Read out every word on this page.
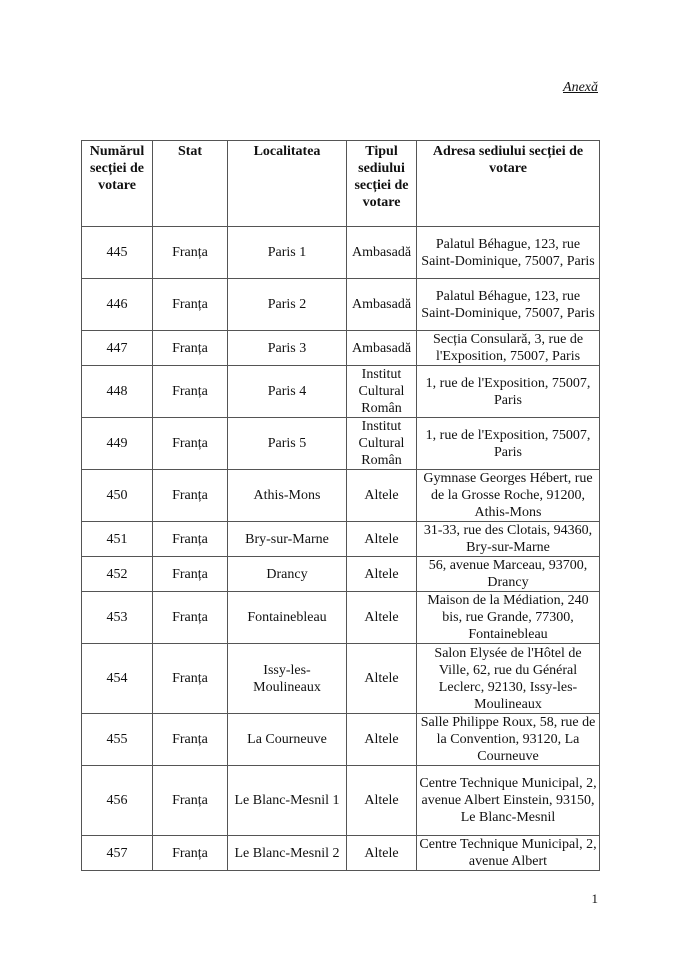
Anexă
Numărul secției de votare	Stat	Localitatea	Tipul sediului secției de votare	Adresa sediului secției de votare
445	Franța	Paris 1	Ambasadă	Palatul Béhague, 123, rue Saint-Dominique, 75007, Paris
446	Franța	Paris 2	Ambasadă	Palatul Béhague, 123, rue Saint-Dominique, 75007, Paris
447	Franța	Paris 3	Ambasadă	Secția Consulară, 3, rue de l'Exposition, 75007, Paris
448	Franța	Paris 4	Institut Cultural Român	1, rue de l'Exposition, 75007, Paris
449	Franța	Paris 5	Institut Cultural Român	1, rue de l'Exposition, 75007, Paris
450	Franța	Athis-Mons	Altele	Gymnase Georges Hébert, rue de la Grosse Roche, 91200, Athis-Mons
451	Franța	Bry-sur-Marne	Altele	31-33, rue des Clotais, 94360, Bry-sur-Marne
452	Franța	Drancy	Altele	56, avenue Marceau, 93700, Drancy
453	Franța	Fontainebleau	Altele	Maison de la Médiation, 240 bis, rue Grande, 77300, Fontainebleau
454	Franța	Issy-les-Moulineaux	Altele	Salon Elysée de l'Hôtel de Ville, 62, rue du Général Leclerc, 92130, Issy-les-Moulineaux
455	Franța	La Courneuve	Altele	Salle Philippe Roux, 58, rue de la Convention, 93120, La Courneuve
456	Franța	Le Blanc-Mesnil 1	Altele	Centre Technique Municipal, 2, avenue Albert Einstein, 93150, Le Blanc-Mesnil
457	Franța	Le Blanc-Mesnil 2	Altele	Centre Technique Municipal, 2, avenue Albert
1
